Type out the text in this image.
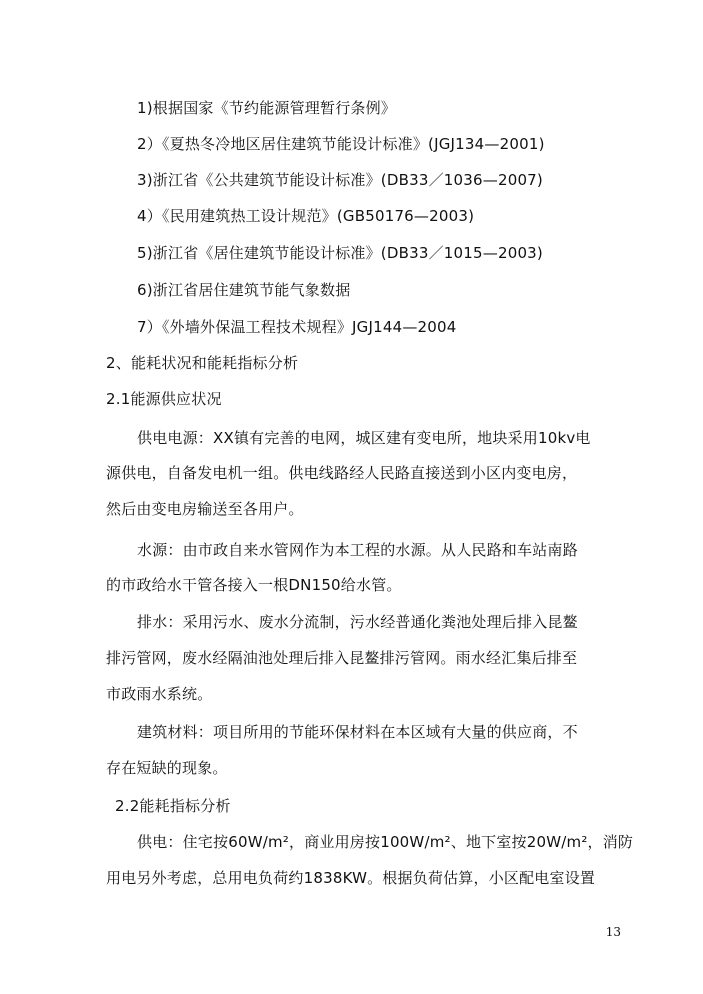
1)根据国家《节约能源管理暂行条例》
2）《夏热冬冷地区居住建筑节能设计标准》(JGJ134—2001)
3)浙江省《公共建筑节能设计标准》(DB33／1036—2007)
4）《民用建筑热工设计规范》(GB50176—2003)
5)浙江省《居住建筑节能设计标准》(DB33／1015—2003)
6)浙江省居住建筑节能气象数据
7）《外墙外保温工程技术规程》JGJ144—2004
2、能耗状况和能耗指标分析
2.1能源供应状况
供电电源：XX镇有完善的电网，城区建有变电所，地块采用10kv电
源供电，自备发电机一组。供电线路经人民路直接送到小区内变电房，
然后由变电房输送至各用户。
水源：由市政自来水管网作为本工程的水源。从人民路和车站南路
的市政给水干管各接入一根DN150给水管。
排水：采用污水、废水分流制，污水经普通化粪池处理后排入昆鳌
排污管网，废水经隔油池处理后排入昆鳌排污管网。雨水经汇集后排至
市政雨水系统。
建筑材料：项目所用的节能环保材料在本区域有大量的供应商，不
存在短缺的现象。
2.2能耗指标分析
供电：住宅按60W/m²，商业用房按100W/m²、地下室按20W/m²，消防
用电另外考虑，总用电负荷约1838KW。根据负荷估算，小区配电室设置
13
